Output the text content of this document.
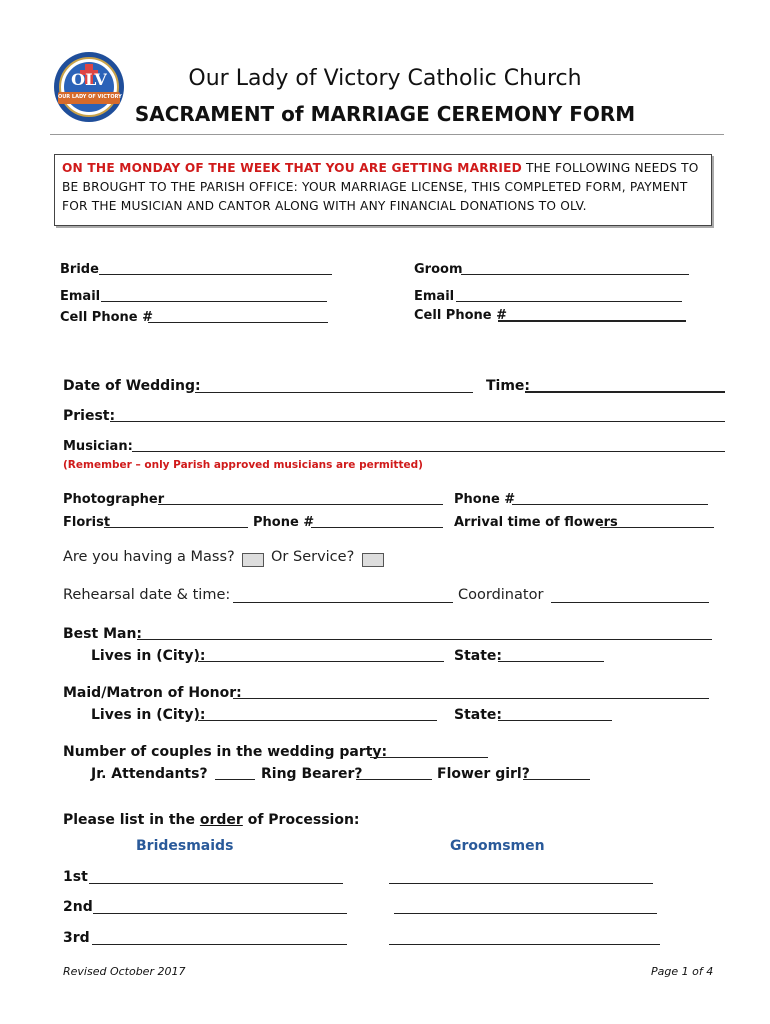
OLV
OUR LADY OF VICTORY
Our Lady of Victory Catholic Church
SACRAMENT of MARRIAGE CEREMONY FORM
ON THE MONDAY OF THE WEEK THAT YOU ARE GETTING MARRIED THE FOLLOWING NEEDS TO BE BROUGHT TO THE PARISH OFFICE: YOUR MARRIAGE LICENSE, THIS COMPLETED FORM, PAYMENT FOR THE MUSICIAN AND CANTOR ALONG WITH ANY FINANCIAL DONATIONS TO OLV.
Bride	Groom
Email	Email
Cell Phone #	Cell Phone #
Date of Wedding:	Time:
Priest:
Musician:
(Remember – only Parish approved musicians are permitted)
Photographer	Phone #
Florist	Phone #	Arrival time of flowers
Are you having a Mass?	Or Service?
Rehearsal date & time:	Coordinator
Best Man:
Lives in (City):	State:
Maid/Matron of Honor:
Lives in (City):	State:
Number of couples in the wedding party:
Jr. Attendants?	Ring Bearer?	Flower girl?
Please list in the order of Procession:
Bridesmaids	Groomsmen
1st
2nd
3rd
Revised October 2017	Page 1 of 4
